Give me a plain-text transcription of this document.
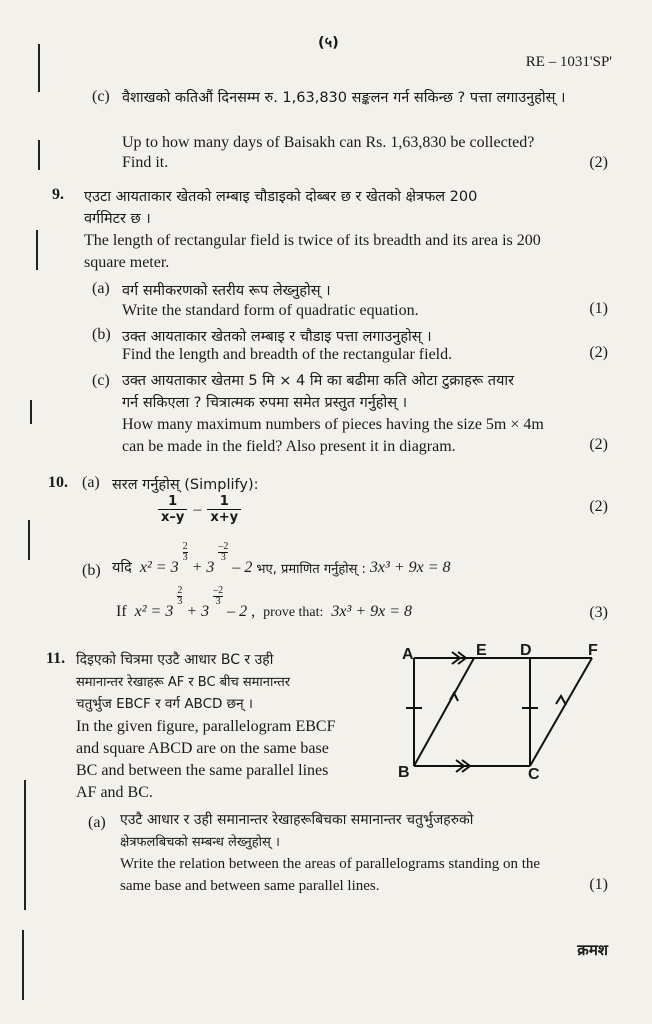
(५)
RE – 1031'SP'
(c) वैशाखको कतिऔं दिनसम्म रु. 1,63,830 सङ्कलन गर्न सकिन्छ ? पत्ता लगाउनुहोस् ।
Up to how many days of Baisakh can Rs. 1,63,830 be collected?
Find it.	(2)
9. एउटा आयताकार खेतको लम्बाइ चौडाइको दोब्बर छ र खेतको क्षेत्रफल 200
वर्गमिटर छ ।
The length of rectangular field is twice of its breadth and its area is 200
square meter.
(a) वर्ग समीकरणको स्तरीय रूप लेख्नुहोस् ।
Write the standard form of quadratic equation.	(1)
(b) उक्त आयताकार खेतको लम्बाइ र चौडाइ पत्ता लगाउनुहोस् ।
Find the length and breadth of the rectangular field.	(2)
(c) उक्त आयताकार खेतमा 5 मि × 4 मि का बढीमा कति ओटा टुक्राहरू तयार
गर्न सकिएला ? चित्रात्मक रुपमा समेत प्रस्तुत गर्नुहोस् ।
How many maximum numbers of pieces having the size 5m × 4m
can be made in the field? Also present it in diagram.	(2)
10. (a) सरल गर्नुहोस् (Simplify):
$\frac{1}{x-y} - \frac{1}{x+y}$	(2)
(b) यदि x² = 3
$\frac{2}{3}$
+ 3
$\frac{-2}{3}$
– 2 भए, प्रमाणित गर्नुहोस् : 3x³ + 9x = 8
If x² = 3
$\frac{2}{3}$
+ 3
$\frac{-2}{3}$
– 2 , prove that: 3x³ + 9x = 8	(3)
11. दिइएको चित्रमा एउटै आधार BC र उही
समानान्तर रेखाहरू AF र BC बीच समानान्तर
चतुर्भुज EBCF र वर्ग ABCD छन् ।
In the given figure, parallelogram EBCF
and square ABCD are on the same base
BC and between the same parallel lines
AF and BC.
A	E D	F
B	C
(a) एउटै आधार र उही समानान्तर रेखाहरूबिचका समानान्तर चतुर्भुजहरुको
क्षेत्रफलबिचको सम्बन्ध लेख्नुहोस् ।
Write the relation between the areas of parallelograms standing on the
same base and between same parallel lines.	(1)
क्रमश
